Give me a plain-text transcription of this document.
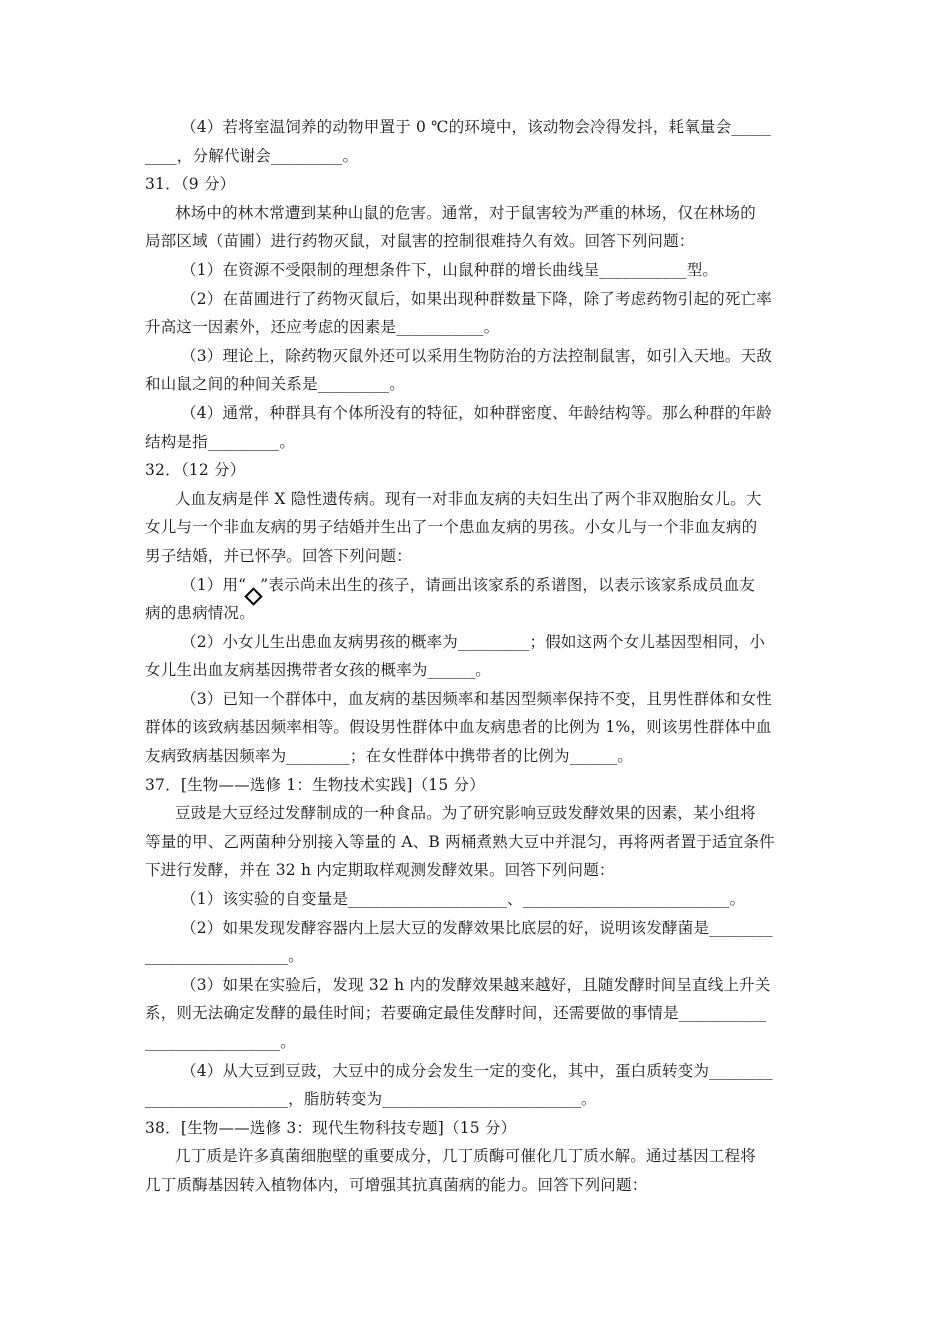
（4）若将室温饲养的动物甲置于 0 ℃的环境中，该动物会冷得发抖，耗氧量会_____
____，分解代谢会_________。
31．（9 分）
林场中的林木常遭到某种山鼠的危害。通常，对于鼠害较为严重的林场，仅在林场的
局部区域（苗圃）进行药物灭鼠，对鼠害的控制很难持久有效。回答下列问题：
（1）在资源不受限制的理想条件下，山鼠种群的增长曲线呈___________型。
（2）在苗圃进行了药物灭鼠后，如果出现种群数量下降，除了考虑药物引起的死亡率
升高这一因素外，还应考虑的因素是___________。
（3）理论上，除药物灭鼠外还可以采用生物防治的方法控制鼠害，如引入天地。天敌
和山鼠之间的种间关系是_________。
（4）通常，种群具有个体所没有的特征，如种群密度、年龄结构等。那么种群的年龄
结构是指_________。
32．（12 分）
人血友病是伴 X 隐性遗传病。现有一对非血友病的夫妇生出了两个非双胞胎女儿。大
女儿与一个非血友病的男子结婚并生出了一个患血友病的男孩。小女儿与一个非血友病的
男子结婚，并已怀孕。回答下列问题：
（1）用“ ”表示尚未出生的孩子，请画出该家系的系谱图，以表示该家系成员血友
病的患病情况。
（2）小女儿生出患血友病男孩的概率为_________；假如这两个女儿基因型相同，小
女儿生出血友病基因携带者女孩的概率为______。
（3）已知一个群体中，血友病的基因频率和基因型频率保持不变，且男性群体和女性
群体的该致病基因频率相等。假设男性群体中血友病患者的比例为 1%，则该男性群体中血
友病致病基因频率为________；在女性群体中携带者的比例为______。
37．[生物——选修 1：生物技术实践]（15 分）
豆豉是大豆经过发酵制成的一种食品。为了研究影响豆豉发酵效果的因素，某小组将
等量的甲、乙两菌种分别接入等量的 A、B 两桶煮熟大豆中并混匀，再将两者置于适宜条件
下进行发酵，并在 32 h 内定期取样观测发酵效果。回答下列问题：
（1）该实验的自变量是____________________、__________________________。
（2）如果发现发酵容器内上层大豆的发酵效果比底层的好，说明该发酵菌是________
__________________。
（3）如果在实验后，发现 32 h 内的发酵效果越来越好，且随发酵时间呈直线上升关
系，则无法确定发酵的最佳时间；若要确定最佳发酵时间，还需要做的事情是___________
_________________。
（4）从大豆到豆豉，大豆中的成分会发生一定的变化，其中，蛋白质转变为________
__________________，脂肪转变为_________________________。
38．[生物——选修 3：现代生物科技专题]（15 分）
几丁质是许多真菌细胞壁的重要成分，几丁质酶可催化几丁质水解。通过基因工程将
几丁质酶基因转入植物体内，可增强其抗真菌病的能力。回答下列问题：
